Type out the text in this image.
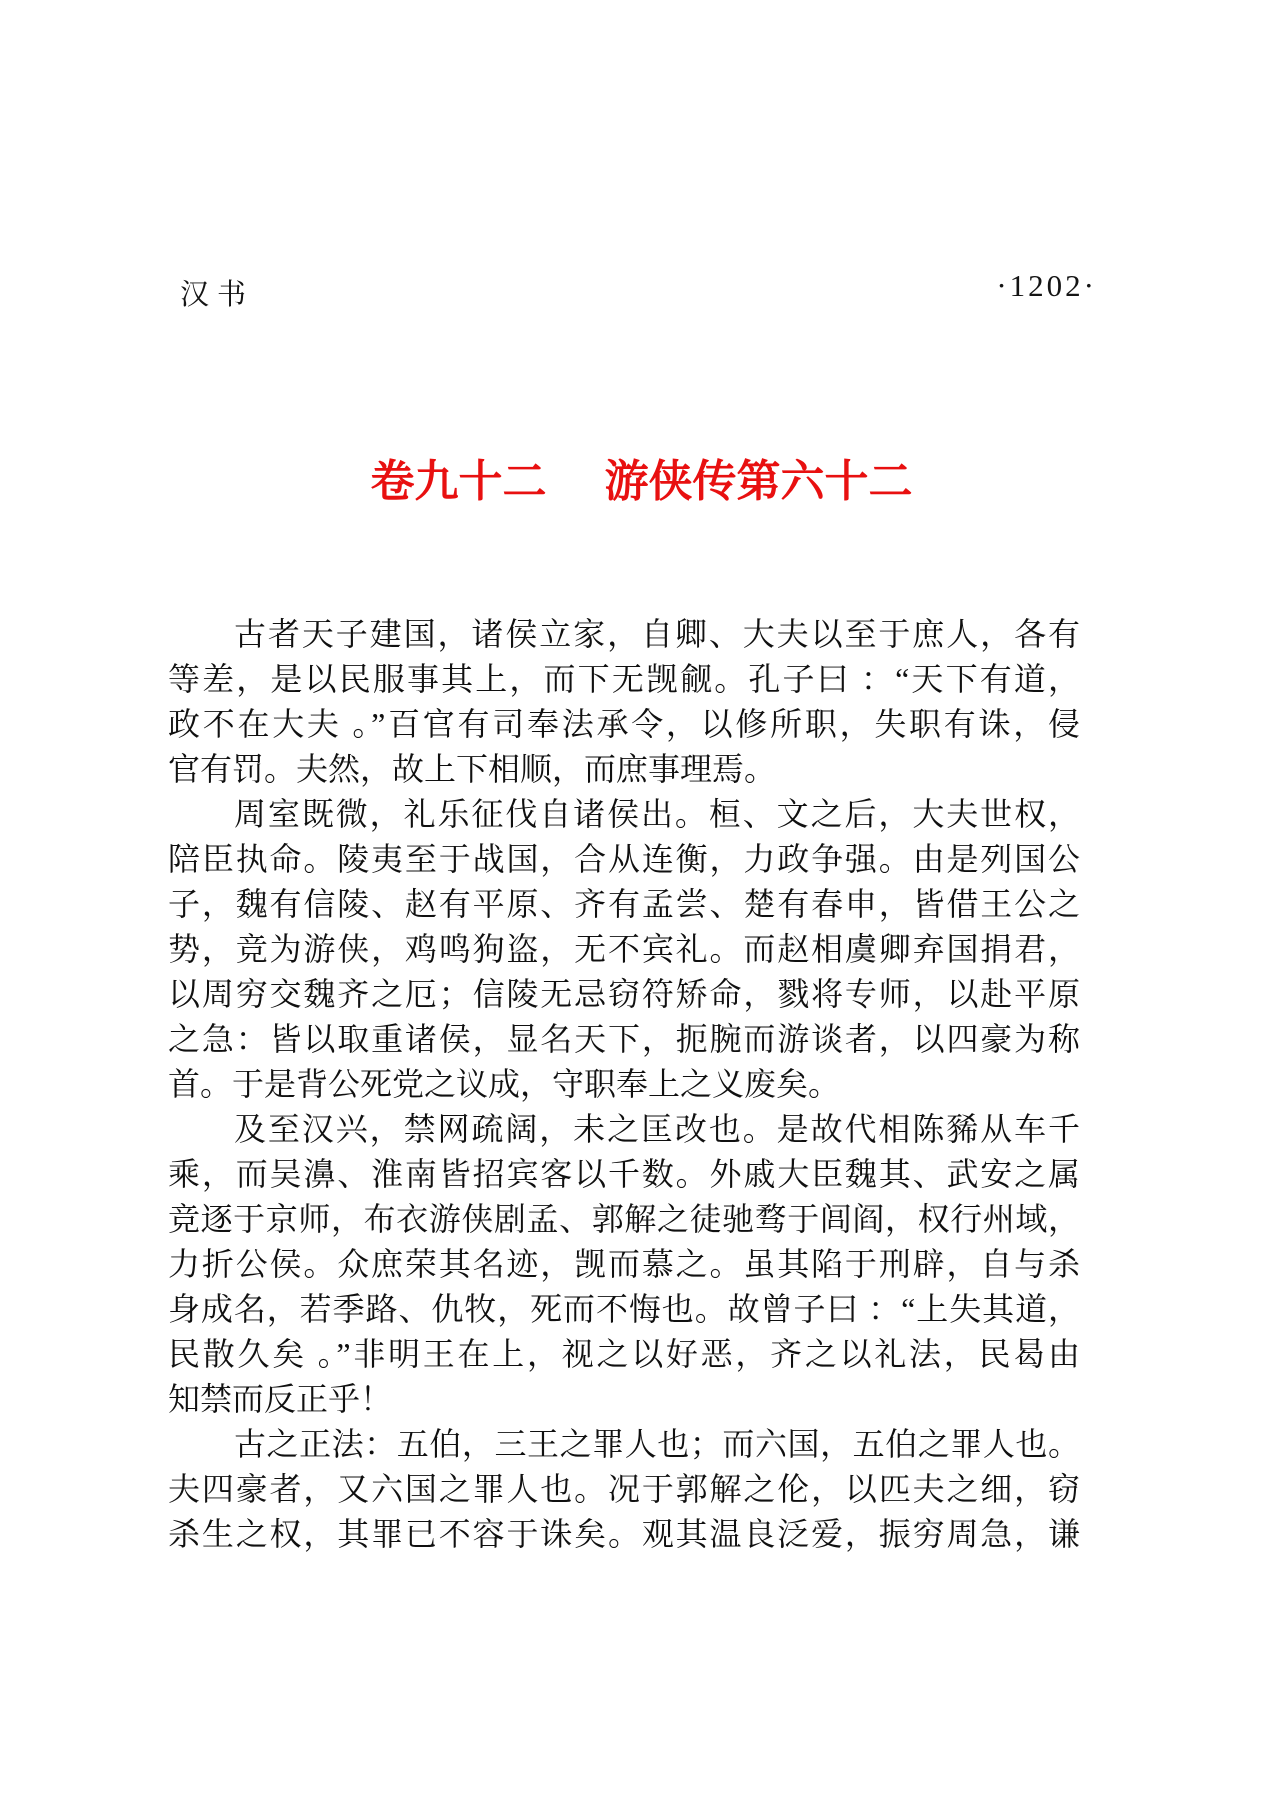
汉书	·1202·
卷九十二 游侠传第六十二
古者天子建国，诸侯立家，自卿、大夫以至于庶人，各有
等差，是以民服事其上，而下无觊觎。孔子曰 ：“天下有道，
政不在大夫 。”百官有司奉法承令，以修所职，失职有诛，侵
官有罚。夫然，故上下相顺，而庶事理焉。
周室既微，礼乐征伐自诸侯出。桓、文之后，大夫世权，
陪臣执命。陵夷至于战国，合从连衡，力政争强。由是列国公
子，魏有信陵、赵有平原、齐有孟尝、楚有春申，皆借王公之
势，竞为游侠，鸡鸣狗盗，无不宾礼。而赵相虞卿弃国捐君，
以周穷交魏齐之厄；信陵无忌窃符矫命，戮将专师，以赴平原
之急：皆以取重诸侯，显名天下，扼腕而游谈者，以四豪为称
首。于是背公死党之议成，守职奉上之义废矣。
及至汉兴，禁网疏阔，未之匡改也。是故代相陈豨从车千
乘，而吴濞、淮南皆招宾客以千数。外戚大臣魏其、武安之属
竞逐于京师，布衣游侠剧孟、郭解之徒驰骛于闾阎，权行州域，
力折公侯。众庶荣其名迹，觊而慕之。虽其陷于刑辟，自与杀
身成名，若季路、仇牧，死而不悔也。故曾子曰 ：“上失其道，
民散久矣 。”非明王在上，视之以好恶，齐之以礼法，民曷由
知禁而反正乎！
古之正法：五伯，三王之罪人也；而六国，五伯之罪人也。
夫四豪者，又六国之罪人也。况于郭解之伦，以匹夫之细，窃
杀生之权，其罪已不容于诛矣。观其温良泛爱，振穷周急，谦
